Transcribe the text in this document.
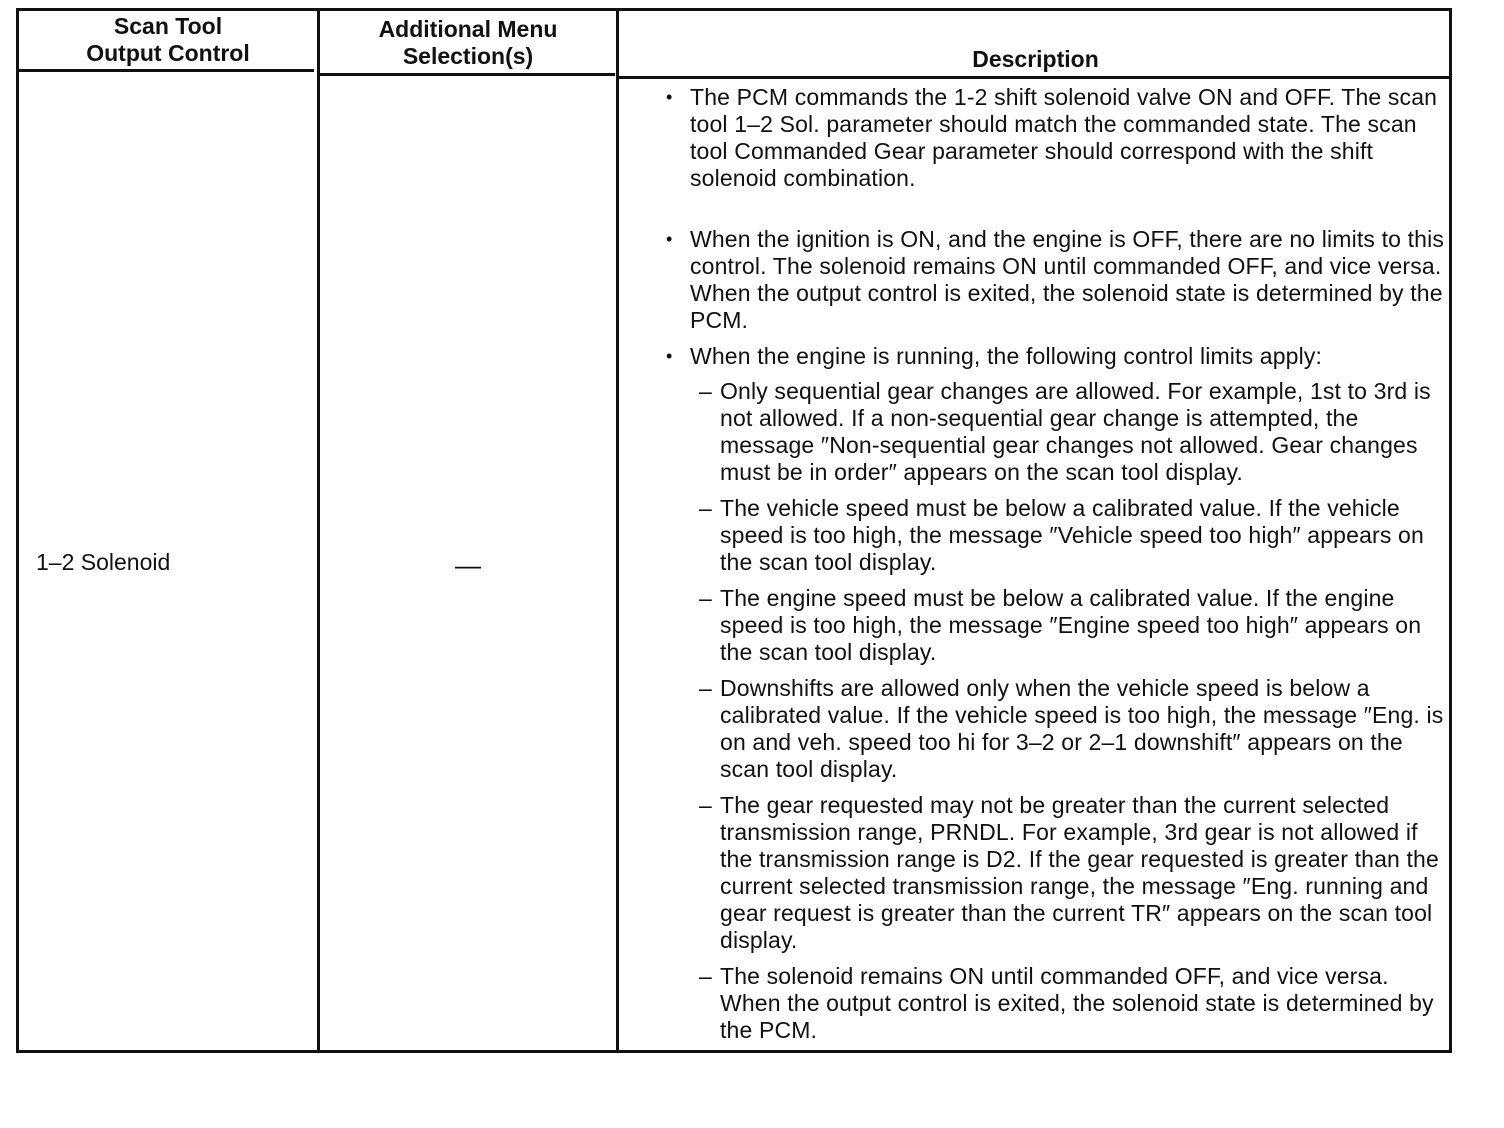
Scan Tool
Output Control
Additional Menu
Selection(s)	Description
1–2 Solenoid	—
• The PCM commands the 1-2 shift solenoid valve ON and OFF. The scan tool 1–2 Sol. parameter should match the commanded state. The scan tool Commanded Gear parameter should correspond with the shift solenoid combination.
• When the ignition is ON, and the engine is OFF, there are no limits to this control. The solenoid remains ON until commanded OFF, and vice versa. When the output control is exited, the solenoid state is determined by the PCM.
• When the engine is running, the following control limits apply:
– Only sequential gear changes are allowed. For example, 1st to 3rd is not allowed. If a non-sequential gear change is attempted, the message ″Non-sequential gear changes not allowed. Gear changes must be in order″ appears on the scan tool display.
– The vehicle speed must be below a calibrated value. If the vehicle speed is too high, the message ″Vehicle speed too high″ appears on the scan tool display.
– The engine speed must be below a calibrated value. If the engine speed is too high, the message ″Engine speed too high″ appears on the scan tool display.
– Downshifts are allowed only when the vehicle speed is below a calibrated value. If the vehicle speed is too high, the message ″Eng. is on and veh. speed too hi for 3–2 or 2–1 downshift″ appears on the scan tool display.
– The gear requested may not be greater than the current selected transmission range, PRNDL. For example, 3rd gear is not allowed if the transmission range is D2. If the gear requested is greater than the current selected transmission range, the message ″Eng. running and gear request is greater than the current TR″ appears on the scan tool display.
– The solenoid remains ON until commanded OFF, and vice versa. When the output control is exited, the solenoid state is determined by the PCM.
